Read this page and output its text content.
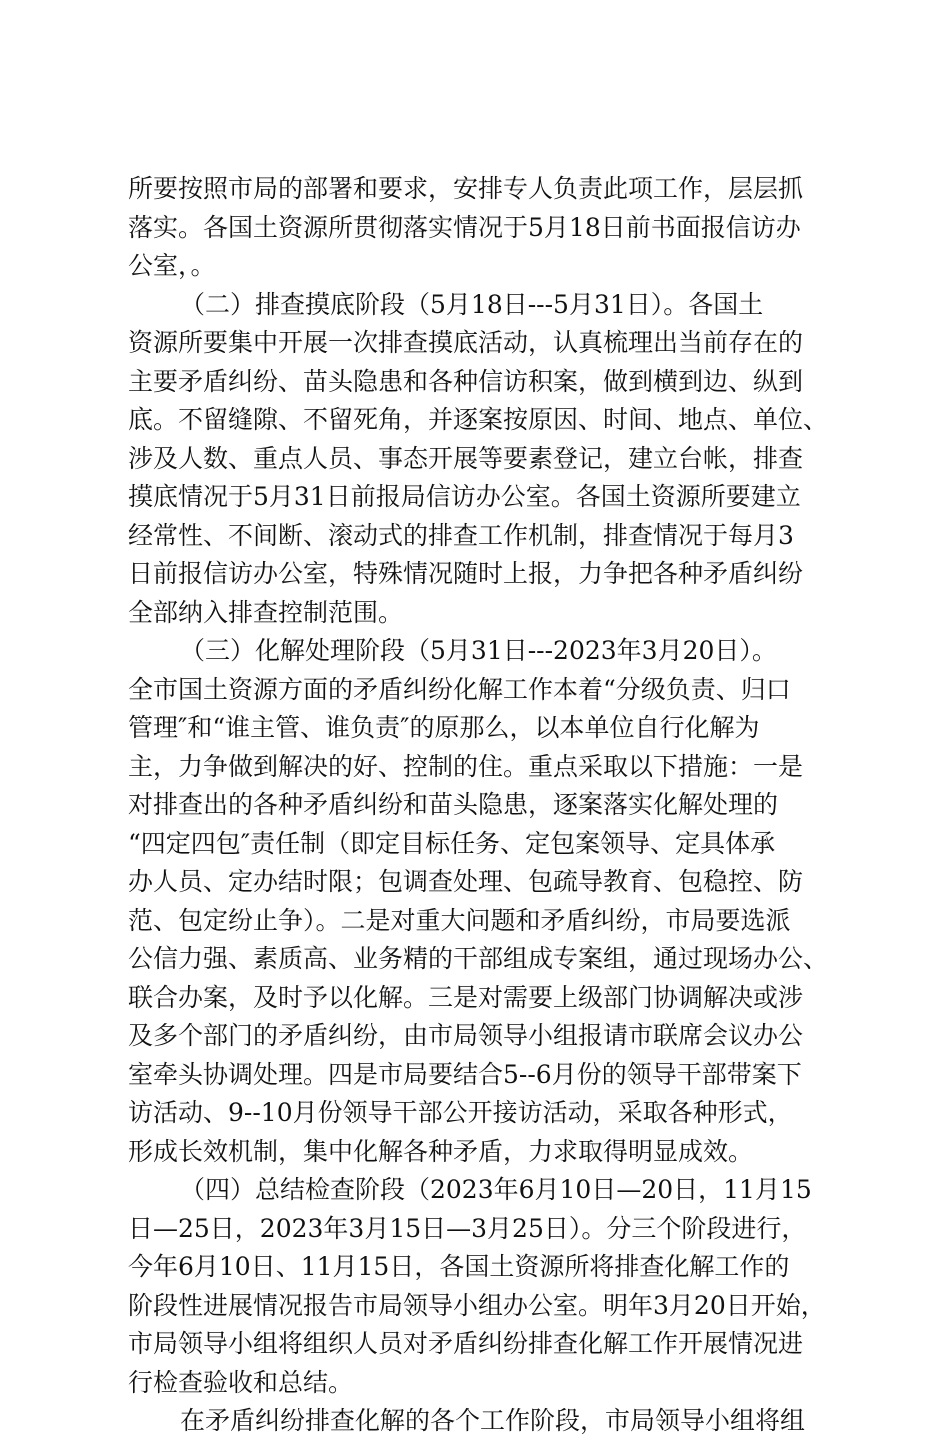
所要按照市局的部署和要求，安排专人负责此项工作，层层抓
落实。各国土资源所贯彻落实情况于5月18日前书面报信访办
公室，。
（二）排查摸底阶段（5月18日---5月31日）。各国土
资源所要集中开展一次排查摸底活动，认真梳理出当前存在的
主要矛盾纠纷、苗头隐患和各种信访积案，做到横到边、纵到
底。不留缝隙、不留死角，并逐案按原因、时间、地点、单位、
涉及人数、重点人员、事态开展等要素登记，建立台帐，排查
摸底情况于5月31日前报局信访办公室。各国土资源所要建立
经常性、不间断、滚动式的排查工作机制，排查情况于每月3
日前报信访办公室，特殊情况随时上报，力争把各种矛盾纠纷
全部纳入排查控制范围。
（三）化解处理阶段（5月31日---2023年3月20日）。
全市国土资源方面的矛盾纠纷化解工作本着“分级负责、归口
管理″和“谁主管、谁负责″的原那么，以本单位自行化解为
主，力争做到解决的好、控制的住。重点采取以下措施：一是
对排查出的各种矛盾纠纷和苗头隐患，逐案落实化解处理的
“四定四包″责任制（即定目标任务、定包案领导、定具体承
办人员、定办结时限；包调查处理、包疏导教育、包稳控、防
范、包定纷止争）。二是对重大问题和矛盾纠纷，市局要选派
公信力强、素质高、业务精的干部组成专案组，通过现场办公、
联合办案，及时予以化解。三是对需要上级部门协调解决或涉
及多个部门的矛盾纠纷，由市局领导小组报请市联席会议办公
室牵头协调处理。四是市局要结合5--6月份的领导干部带案下
访活动、9--10月份领导干部公开接访活动，采取各种形式，
形成长效机制，集中化解各种矛盾，力求取得明显成效。
（四）总结检查阶段（2023年6月10日—20日，11月15
日—25日，2023年3月15日—3月25日）。分三个阶段进行，
今年6月10日、11月15日，各国土资源所将排查化解工作的
阶段性进展情况报告市局领导小组办公室。明年3月20日开始，
市局领导小组将组织人员对矛盾纠纷排查化解工作开展情况进
行检查验收和总结。
在矛盾纠纷排查化解的各个工作阶段，市局领导小组将组
